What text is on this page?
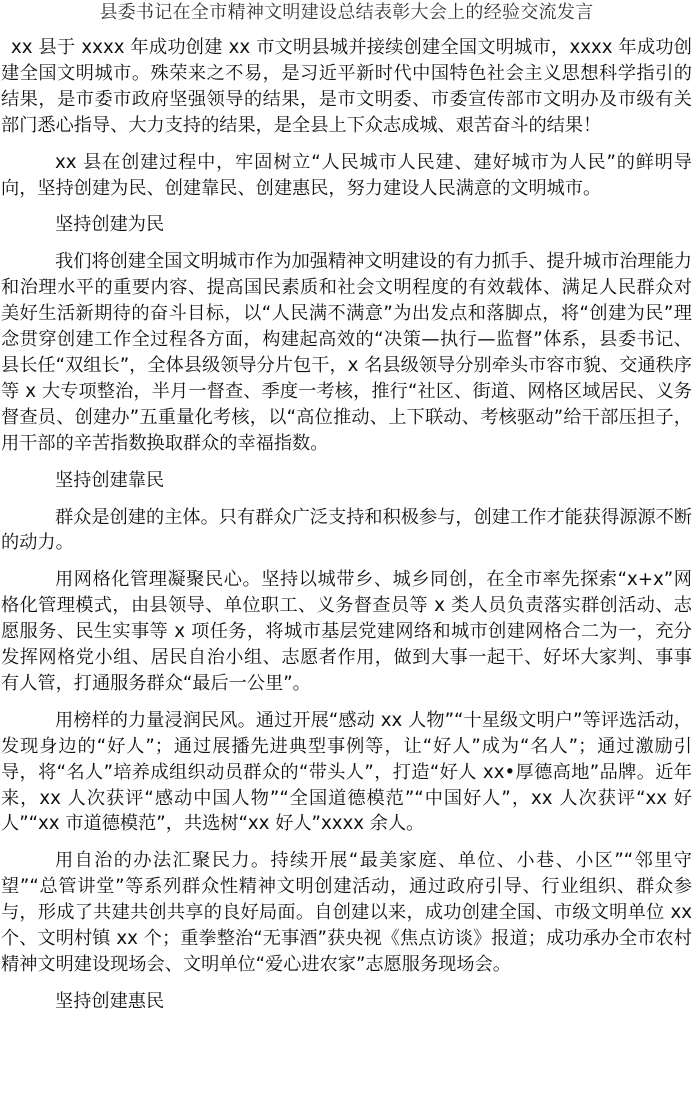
县委书记在全市精神文明建设总结表彰大会上的经验交流发言

xx 县于 xxxx 年成功创建 xx 市文明县城并接续创建全国文明城市，xxxx 年成功创建全国文明城市。殊荣来之不易，是习近平新时代中国特色社会主义思想科学指引的结果，是市委市政府坚强领导的结果，是市文明委、市委宣传部市文明办及市级有关部门悉心指导、大力支持的结果，是全县上下众志成城、艰苦奋斗的结果！

xx 县在创建过程中，牢固树立“人民城市人民建、建好城市为人民”的鲜明导向，坚持创建为民、创建靠民、创建惠民，努力建设人民满意的文明城市。

坚持创建为民

我们将创建全国文明城市作为加强精神文明建设的有力抓手、提升城市治理能力和治理水平的重要内容、提高国民素质和社会文明程度的有效载体、满足人民群众对美好生活新期待的奋斗目标，以“人民满不满意”为出发点和落脚点，将“创建为民”理念贯穿创建工作全过程各方面，构建起高效的“决策—执行—监督”体系，县委书记、县长任“双组长”，全体县级领导分片包干，x 名县级领导分别牵头市容市貌、交通秩序等 x 大专项整治，半月一督查、季度一考核，推行“社区、街道、网格区域居民、义务督查员、创建办”五重量化考核，以“高位推动、上下联动、考核驱动”给干部压担子，用干部的辛苦指数换取群众的幸福指数。

坚持创建靠民

群众是创建的主体。只有群众广泛支持和积极参与，创建工作才能获得源源不断的动力。

用网格化管理凝聚民心。坚持以城带乡、城乡同创，在全市率先探索“x+x”网格化管理模式，由县领导、单位职工、义务督查员等 x 类人员负责落实群创活动、志愿服务、民生实事等 x 项任务，将城市基层党建网络和城市创建网格合二为一，充分发挥网格党小组、居民自治小组、志愿者作用，做到大事一起干、好坏大家判、事事有人管，打通服务群众“最后一公里”。

用榜样的力量浸润民风。通过开展“感动 xx 人物”“十星级文明户”等评选活动，发现身边的“好人”；通过展播先进典型事例等，让“好人”成为“名人”；通过激励引导，将“名人”培养成组织动员群众的“带头人”，打造“好人 xx•厚德高地”品牌。近年来，xx 人次获评“感动中国人物”“全国道德模范”“中国好人”，xx 人次获评“xx 好人”“xx 市道德模范”，共选树“xx 好人”xxxx 余人。

用自治的办法汇聚民力。持续开展“最美家庭、单位、小巷、小区”“邻里守望”“总管讲堂”等系列群众性精神文明创建活动，通过政府引导、行业组织、群众参与，形成了共建共创共享的良好局面。自创建以来，成功创建全国、市级文明单位 xx 个、文明村镇 xx 个；重拳整治“无事酒”获央视《焦点访谈》报道；成功承办全市农村精神文明建设现场会、文明单位“爱心进农家”志愿服务现场会。

坚持创建惠民
